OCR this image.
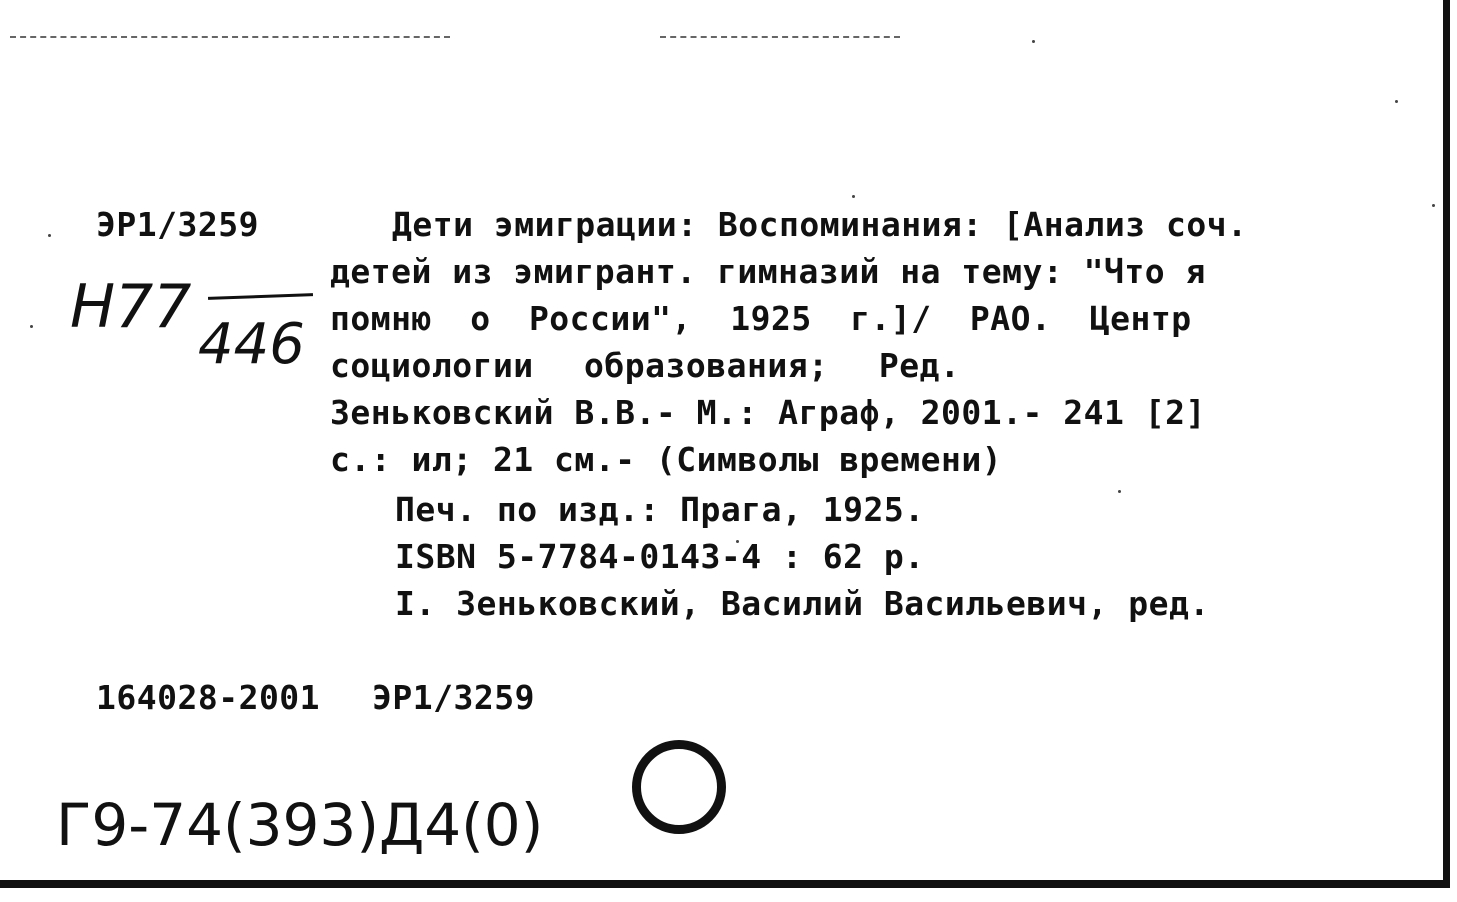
ЭР1/3259
H77
446
Дети эмиграции: Воспоминания: [Анализ соч.
детей из эмигрант. гимназий на тему: "Что я
помню о России", 1925 г.]/ РАО. Центр
социологии образования; Ред.
Зеньковский В.В.- М.: Аграф, 2001.- 241 [2]
с.: ил; 21 см.- (Символы времени)
Печ. по изд.: Прага, 1925.
ISBN 5-7784-0143-4 : 62 р.
I. Зеньковский, Василий Васильевич, ред.
164028-2001 ЭР1/3259
Г9-74(393)Д4(0)
